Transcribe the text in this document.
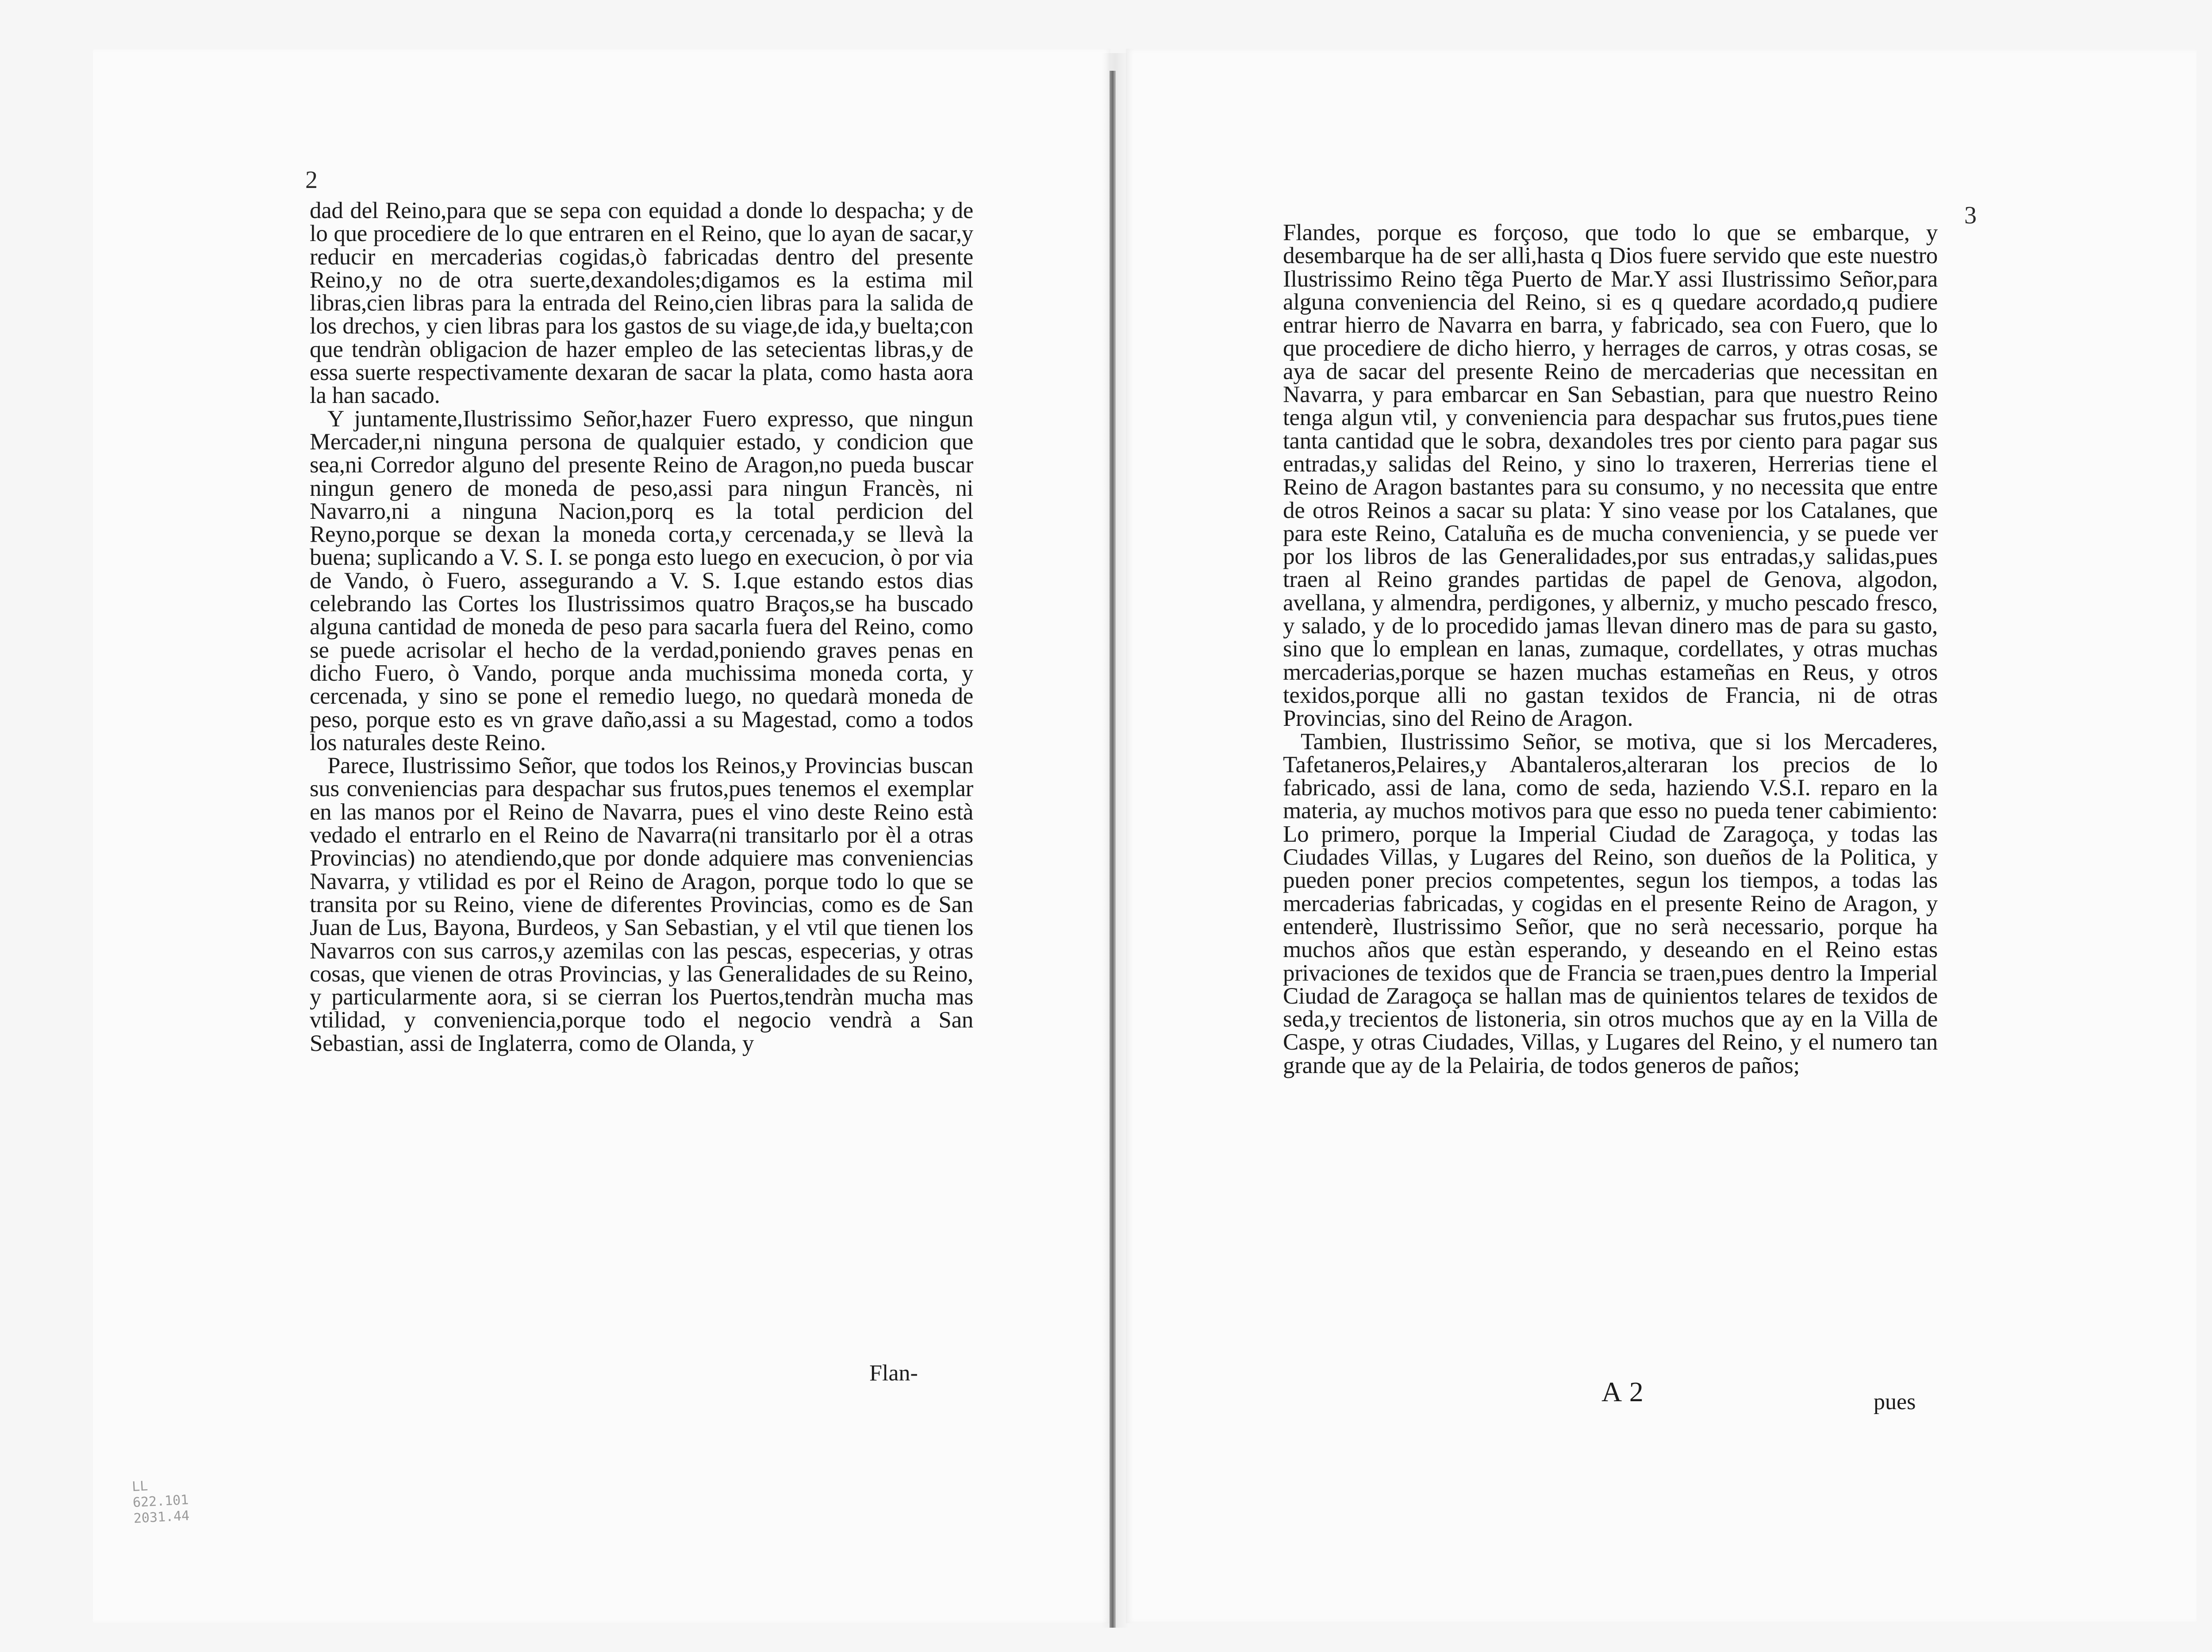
2

dad del Reino,para que se sepa con equidad a donde lo despacha; y de lo que procediere de lo que entraren en el Reino, que lo ayan de sacar,y reducir en mercaderias cogidas,ò fabricadas dentro del presente Reino,y no de otra suerte,dexandoles;digamos es la estima mil libras,cien libras para la entrada del Reino,cien libras para la salida de los drechos, y cien libras para los gastos de su viage,de ida,y buelta;con que tendràn obligacion de hazer empleo de las setecientas libras,y de essa suerte respectivamente dexaran de sacar la plata, como hasta aora la han sacado.

Y juntamente,Ilustrissimo Señor,hazer Fuero expresso, que ningun Mercader,ni ninguna persona de qualquier estado, y condicion que sea,ni Corredor alguno del presente Reino de Aragon,no pueda buscar ningun genero de moneda de peso,assi para ningun Francès, ni Navarro,ni a ninguna Nacion,porq es la total perdicion del Reyno,porque se dexan la moneda corta,y cercenada,y se llevà la buena; suplicando a V. S. I. se ponga esto luego en execucion, ò por via de Vando, ò Fuero, assegurando a V. S. I.que estando estos dias celebrando las Cortes los Ilustrissimos quatro Braços,se ha buscado alguna cantidad de moneda de peso para sacarla fuera del Reino, como se puede acrisolar el hecho de la verdad,poniendo graves penas en dicho Fuero, ò Vando, porque anda muchissima moneda corta, y cercenada, y sino se pone el remedio luego, no quedarà moneda de peso, porque esto es vn grave daño,assi a su Magestad, como a todos los naturales deste Reino.

Parece, Ilustrissimo Señor, que todos los Reinos,y Provincias buscan sus conveniencias para despachar sus frutos,pues tenemos el exemplar en las manos por el Reino de Navarra, pues el vino deste Reino està vedado el entrarlo en el Reino de Navarra(ni transitarlo por èl a otras Provincias) no atendiendo,que por donde adquiere mas conveniencias Navarra, y vtilidad es por el Reino de Aragon, porque todo lo que se transita por su Reino, viene de diferentes Provincias, como es de San Juan de Lus, Bayona, Burdeos, y San Sebastian, y el vtil que tienen los Navarros con sus carros,y azemilas con las pescas, especerias, y otras cosas, que vienen de otras Provincias, y las Generalidades de su Reino, y particularmente aora, si se cierran los Puertos,tendràn mucha mas vtilidad, y conveniencia,porque todo el negocio vendrà a San Sebastian, assi de Inglaterra, como de Olanda, y

Flan-
LL
622.101
2031.44
3

Flandes, porque es forçoso, que todo lo que se embarque, y desembarque ha de ser alli,hasta q Dios fuere servido que este nuestro Ilustrissimo Reino tẽga Puerto de Mar.Y assi Ilustrissimo Señor,para alguna conveniencia del Reino, si es q quedare acordado,q pudiere entrar hierro de Navarra en barra, y fabricado, sea con Fuero, que lo que procediere de dicho hierro, y herrages de carros, y otras cosas, se aya de sacar del presente Reino de mercaderias que necessitan en Navarra, y para embarcar en San Sebastian, para que nuestro Reino tenga algun vtil, y conveniencia para despachar sus frutos,pues tiene tanta cantidad que le sobra, dexandoles tres por ciento para pagar sus entradas,y salidas del Reino, y sino lo traxeren, Herrerias tiene el Reino de Aragon bastantes para su consumo, y no necessita que entre de otros Reinos a sacar su plata: Y sino vease por los Catalanes, que para este Reino, Cataluña es de mucha conveniencia, y se puede ver por los libros de las Generalidades,por sus entradas,y salidas,pues traen al Reino grandes partidas de papel de Genova, algodon, avellana, y almendra, perdigones, y alberniz, y mucho pescado fresco, y salado, y de lo procedido jamas llevan dinero mas de para su gasto, sino que lo emplean en lanas, zumaque, cordellates, y otras muchas mercaderias,porque se hazen muchas estameñas en Reus, y otros texidos,porque alli no gastan texidos de Francia, ni de otras Provincias, sino del Reino de Aragon.

Tambien, Ilustrissimo Señor, se motiva, que si los Mercaderes, Tafetaneros,Pelaires,y Abantaleros,alteraran los precios de lo fabricado, assi de lana, como de seda, haziendo V.S.I. reparo en la materia, ay muchos motivos para que esso no pueda tener cabimiento: Lo primero, porque la Imperial Ciudad de Zaragoça, y todas las Ciudades Villas, y Lugares del Reino, son dueños de la Politica, y pueden poner precios competentes, segun los tiempos, a todas las mercaderias fabricadas, y cogidas en el presente Reino de Aragon, y entenderè, Ilustrissimo Señor, que no serà necessario, porque ha muchos años que estàn esperando, y deseando en el Reino estas privaciones de texidos que de Francia se traen,pues dentro la Imperial Ciudad de Zaragoça se hallan mas de quinientos telares de texidos de seda,y trecientos de listoneria, sin otros muchos que ay en la Villa de Caspe, y otras Ciudades, Villas, y Lugares del Reino, y el numero tan grande que ay de la Pelairia, de todos generos de paños;

A 2	pues
